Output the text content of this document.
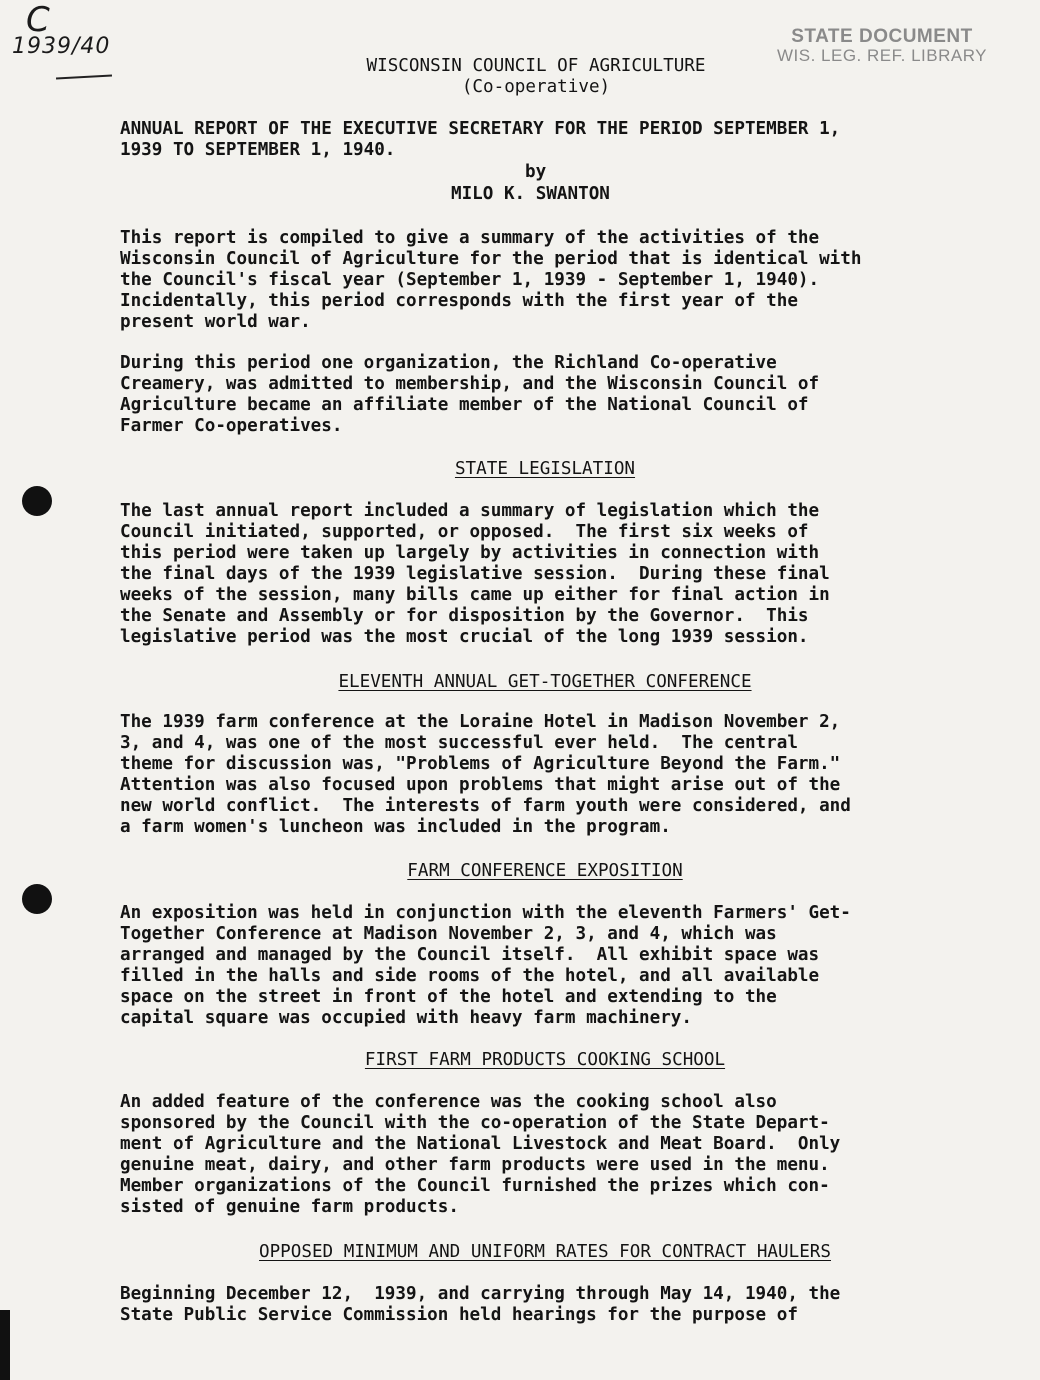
C
1939/40	STATE DOCUMENT
WIS. LEG. REF. LIBRARY

WISCONSIN COUNCIL OF AGRICULTURE

(Co-operative)

ANNUAL REPORT OF THE EXECUTIVE SECRETARY FOR THE PERIOD SEPTEMBER 1,

1939 TO SEPTEMBER 1, 1940.

by

MILO K. SWANTON

This report is compiled to give a summary of the activities of the
Wisconsin Council of Agriculture for the period that is identical with
the Council's fiscal year (September 1, 1939 - September 1, 1940).
Incidentally, this period corresponds with the first year of the
present world war.
During this period one organization, the Richland Co-operative
Creamery, was admitted to membership, and the Wisconsin Council of
Agriculture became an affiliate member of the National Council of
Farmer Co-operatives.

STATE LEGISLATION

The last annual report included a summary of legislation which the
Council initiated, supported, or opposed.  The first six weeks of
this period were taken up largely by activities in connection with
the final days of the 1939 legislative session.  During these final
weeks of the session, many bills came up either for final action in
the Senate and Assembly or for disposition by the Governor.  This
legislative period was the most crucial of the long 1939 session.

ELEVENTH ANNUAL GET-TOGETHER CONFERENCE

The 1939 farm conference at the Loraine Hotel in Madison November 2,
3, and 4, was one of the most successful ever held.  The central
theme for discussion was, "Problems of Agriculture Beyond the Farm."
Attention was also focused upon problems that might arise out of the
new world conflict.  The interests of farm youth were considered, and
a farm women's luncheon was included in the program.

FARM CONFERENCE EXPOSITION

An exposition was held in conjunction with the eleventh Farmers' Get-
Together Conference at Madison November 2, 3, and 4, which was
arranged and managed by the Council itself.  All exhibit space was
filled in the halls and side rooms of the hotel, and all available
space on the street in front of the hotel and extending to the
capital square was occupied with heavy farm machinery.

FIRST FARM PRODUCTS COOKING SCHOOL

An added feature of the conference was the cooking school also
sponsored by the Council with the co-operation of the State Depart-
ment of Agriculture and the National Livestock and Meat Board.  Only
genuine meat, dairy, and other farm products were used in the menu.
Member organizations of the Council furnished the prizes which con-
sisted of genuine farm products.

OPPOSED MINIMUM AND UNIFORM RATES FOR CONTRACT HAULERS

Beginning December 12,  1939, and carrying through May 14, 1940, the
State Public Service Commission held hearings for the purpose of
